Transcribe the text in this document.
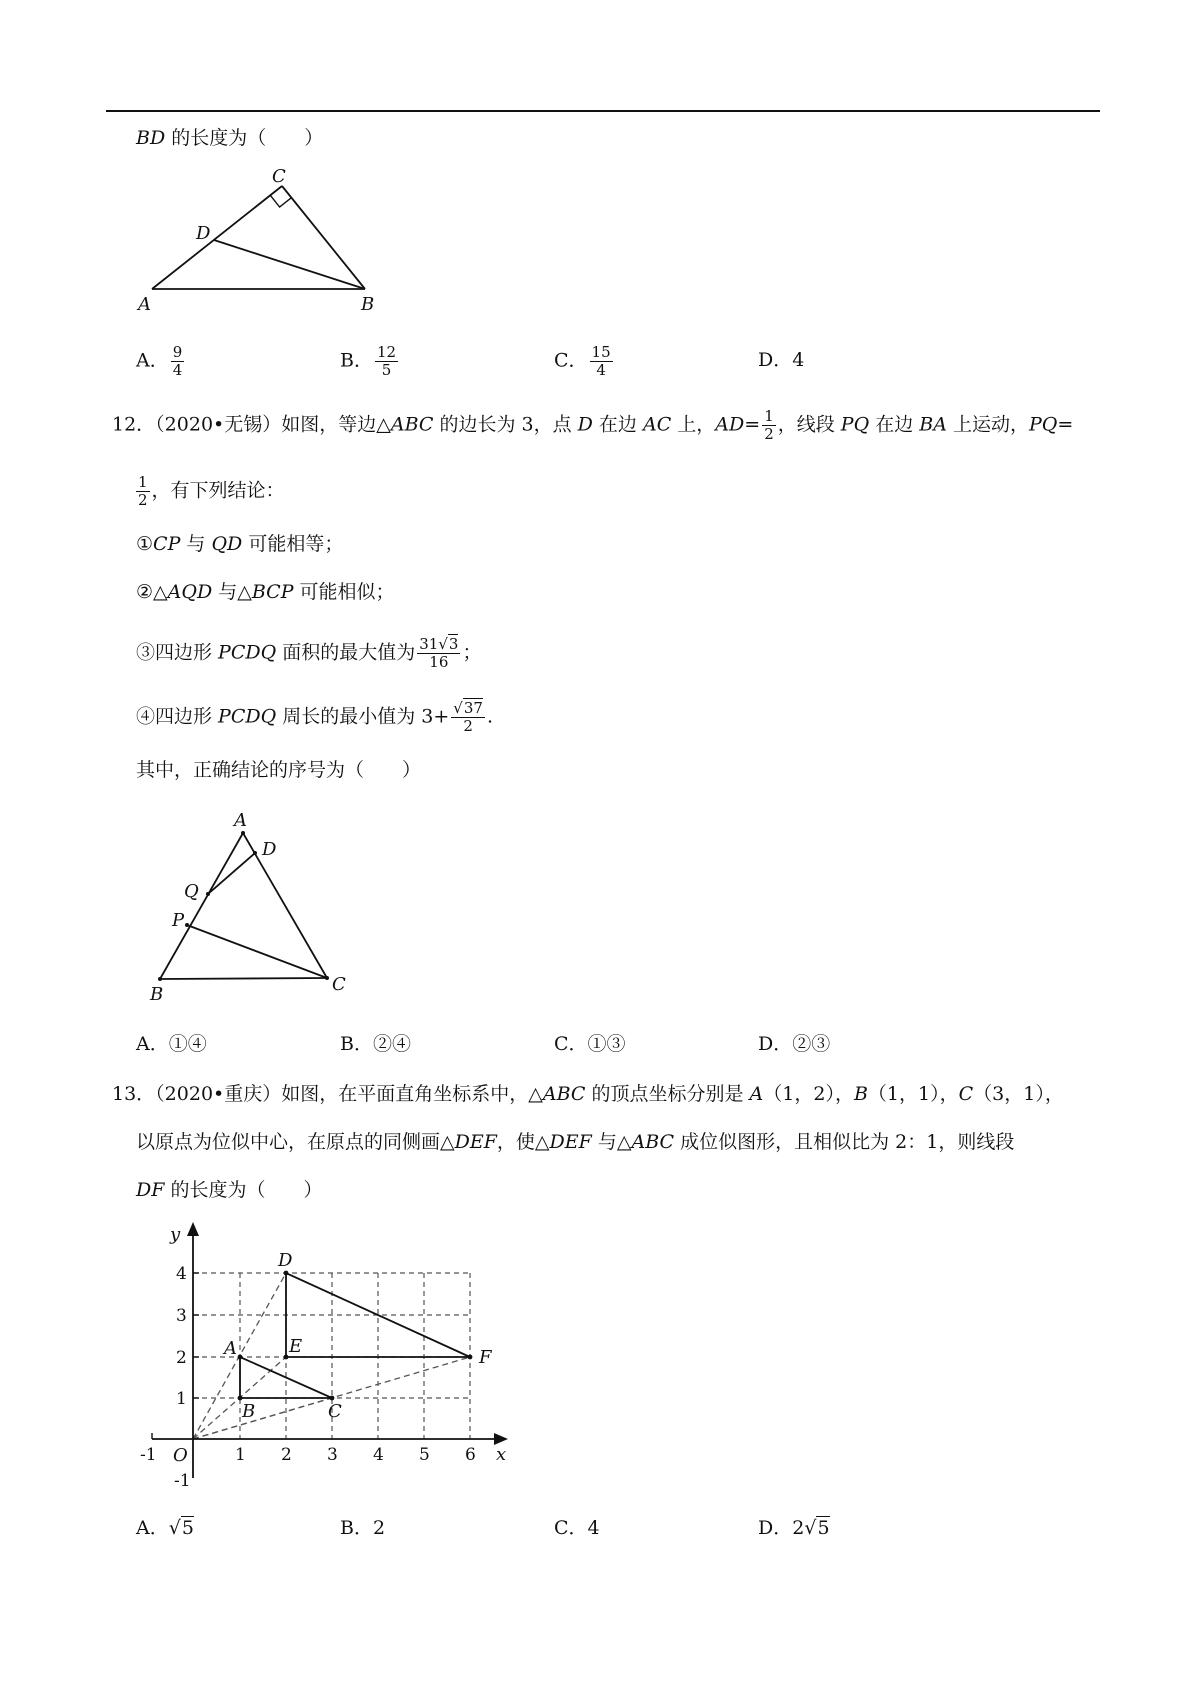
BD 的长度为（　　）
C
D
A	B
A． $\frac{9}{4}$	B． $\frac{12}{5}$	C． $\frac{15}{4}$	D．4
12．（2020•无锡）如图，等边△ABC 的边长为 3，点 D 在边 AC 上，$AD= \frac{1}{2}$ ，线段 PQ 在边 BA 上运动，PQ=
$\frac{1}{2}$ ，有下列结论：
①CP 与 QD 可能相等；
②△AQD 与△BCP 可能相似；
③四边形 PCDQ 面积的最大值为 $\frac{31√3}{16}$ ；
④四边形 PCDQ 周长的最小值为 $3+ \frac{√37}{2}$ .
其中，正确结论的序号为（　　）
A
D
Q
P
B	C
A．①④	B．②④	C．①③	D．②③
13．（2020•重庆）如图，在平面直角坐标系中，△ABC 的顶点坐标分别是 A（1，2），B（1，1），C（3，1），
以原点为位似中心，在原点的同侧画△DEF，使△DEF 与△ABC 成位似图形，且相似比为 2：1，则线段
DF 的长度为（　　）
-1	1 2 3 4 5 6
4
3
2
1
-1
y
x
O
A
B	C
D
E
F
A．√5	B．2	C．4	D．2√5
